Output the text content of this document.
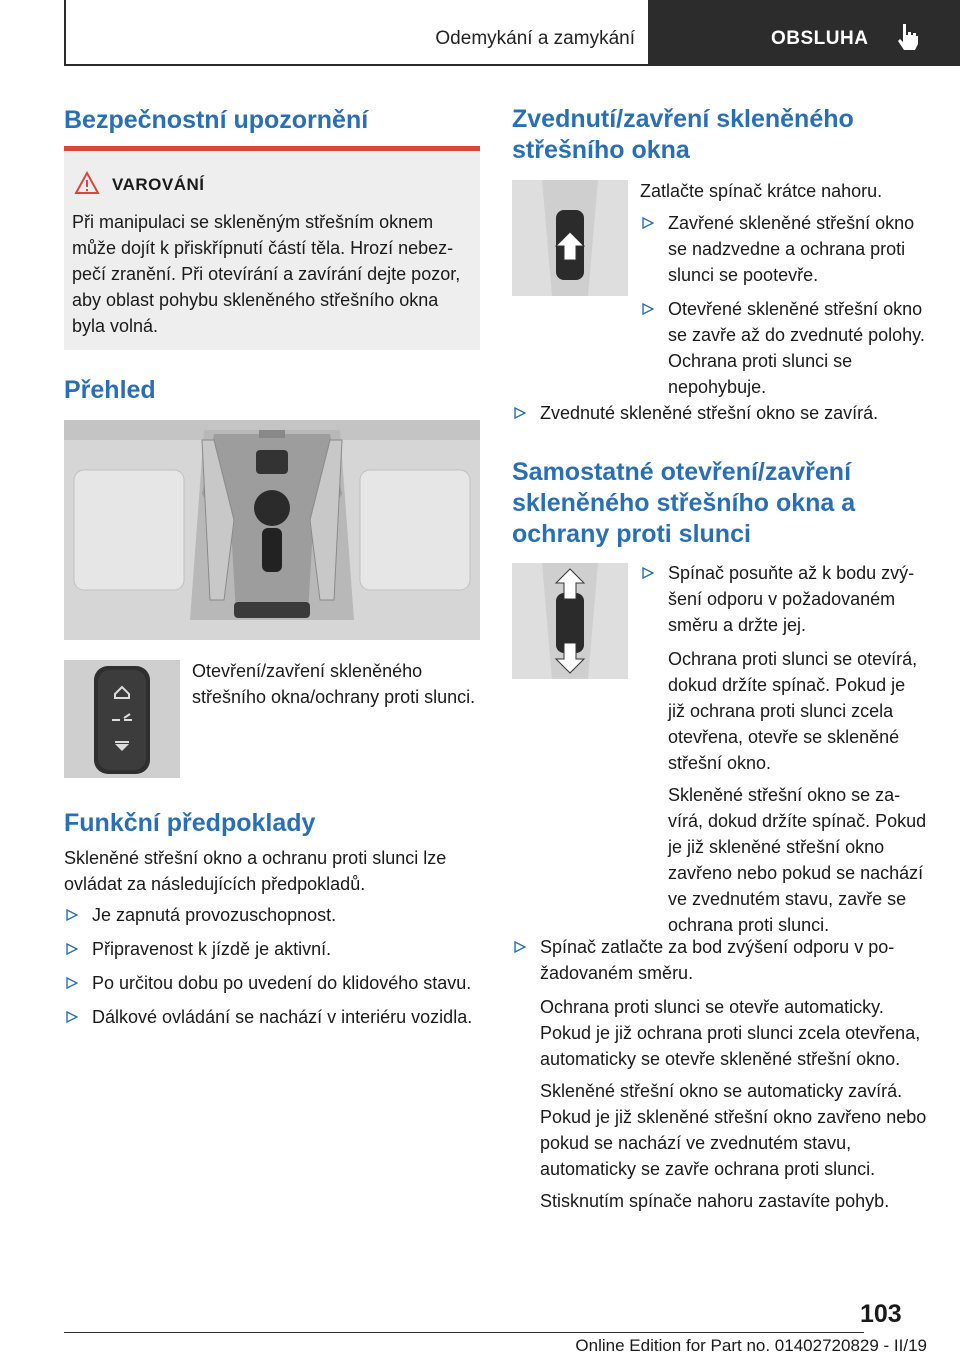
Odemykání a zamykání	OBSLUHA
Bezpečnostní upozornění
VAROVÁNÍ

Při manipulaci se skleněným střešním oknem může dojít k přiskřípnutí částí těla. Hrozí nebezpečí zranění. Při otevírání a zavírání dejte pozor, aby oblast pohybu skleněného střešního okna byla volná.

Přehled

Otevření/zavření skleněného střešního okna/ochrany proti slunci.

Funkční předpoklady

Skleněné střešní okno a ochranu proti slunci lze ovládat za následujících předpokladů.

Je zapnutá provozuschopnost.
Připravenost k jízdě je aktivní.
Po určitou dobu po uvedení do klidového stavu.
Dálkové ovládání se nachází v interiéru vozidla.
Zvednutí/zavření skleněného střešního okna

Zatlačte spínač krátce nahoru.

Zavřené skleněné střešní okno se nadzvedne a ochrana proti slunci se pootevře.
Otevřené skleněné střešní okno se zavře až do zvednuté polohy. Ochrana proti slunci se nepohybuje.
Zvednuté skleněné střešní okno se zavírá.
Samostatné otevření/zavření skleněného střešního okna a ochrany proti slunci
Spínač posuňte až k bodu zvýšení odporu v požadovaném směru a držte jej.

Ochrana proti slunci se otevírá, dokud držíte spínač. Pokud je již ochrana proti slunci zcela otevřena, otevře se skleněné střešní okno.

Skleněné střešní okno se zavírá, dokud držíte spínač. Pokud je již skleněné střešní okno zavřeno nebo pokud se nachází ve zvednutém stavu, zavře se ochrana proti slunci.

Spínač zatlačte za bod zvýšení odporu v požadovaném směru.

Ochrana proti slunci se otevře automaticky. Pokud je již ochrana proti slunci zcela otevřena, automaticky se otevře skleněné střešní okno.

Skleněné střešní okno se automaticky zavírá. Pokud je již skleněné střešní okno zavřeno nebo pokud se nachází ve zvednutém stavu, automaticky se zavře ochrana proti slunci.

Stisknutím spínače nahoru zastavíte pohyb.

103
Online Edition for Part no. 01402720829 - II/19
